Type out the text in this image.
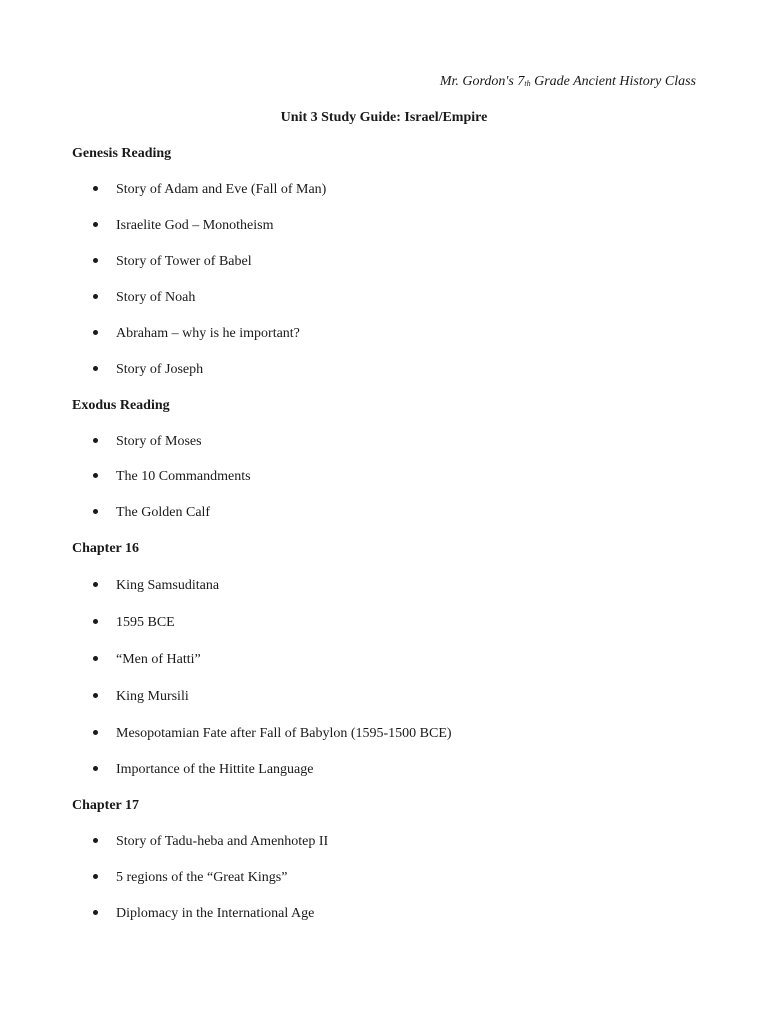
Mr. Gordon's $7_{th}$ Grade Ancient History Class
Unit 3 Study Guide: Israel/Empire
Genesis Reading
Story of Adam and Eve (Fall of Man)
Israelite God – Monotheism
Story of Tower of Babel
Story of Noah
Abraham – why is he important?
Story of Joseph
Exodus Reading
Story of Moses
The 10 Commandments
The Golden Calf
Chapter 16
King Samsuditana
1595 BCE
“Men of Hatti”
King Mursili
Mesopotamian Fate after Fall of Babylon (1595-1500 BCE)
Importance of the Hittite Language
Chapter 17
Story of Tadu-heba and Amenhotep II
5 regions of the “Great Kings”
Diplomacy in the International Age
